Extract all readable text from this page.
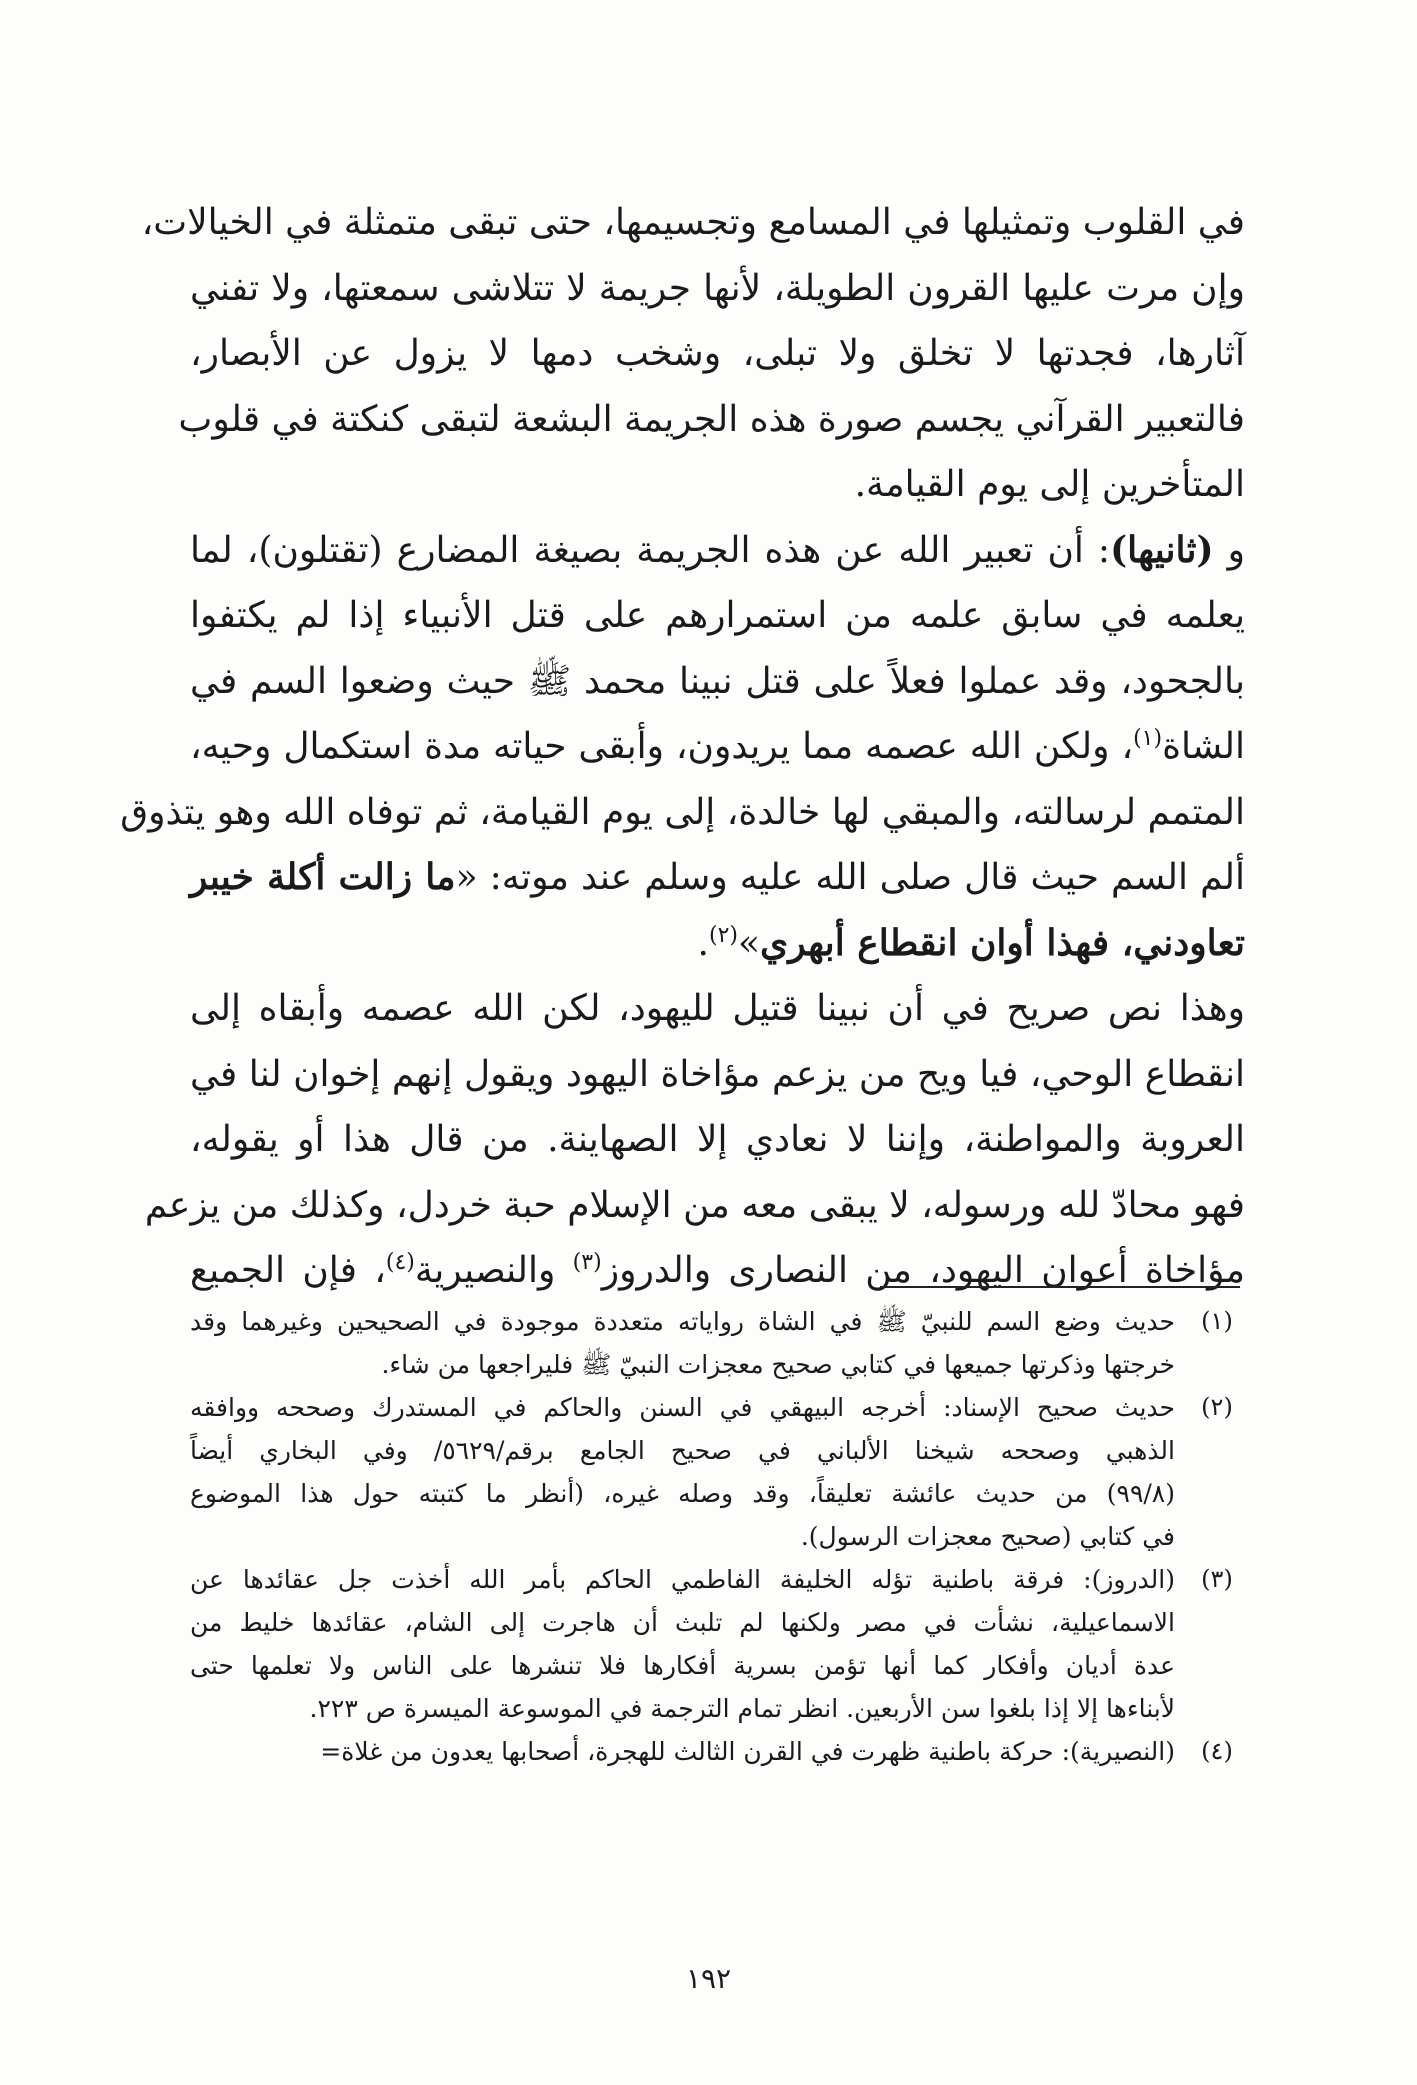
في القلوب وتمثيلها في المسامع وتجسيمها، حتى تبقى متمثلة في الخيالات،
وإن مرت عليها القرون الطويلة، لأنها جريمة لا تتلاشى سمعتها، ولا تفني
آثارها، فجدتها لا تخلق ولا تبلى، وشخب دمها لا يزول عن الأبصار،
فالتعبير القرآني يجسم صورة هذه الجريمة البشعة لتبقى كنكتة في قلوب
المتأخرين إلى يوم القيامة.
و (ثانيها): أن تعبير الله عن هذه الجريمة بصيغة المضارع (تقتلون)، لما
يعلمه في سابق علمه من استمرارهم على قتل الأنبياء إذا لم يكتفوا
بالجحود، وقد عملوا فعلاً على قتل نبينا محمد ﷺ حيث وضعوا السم في
الشاة$^{(١)}$، ولكن الله عصمه مما يريدون، وأبقى حياته مدة استكمال وحيه،
المتمم لرسالته، والمبقي لها خالدة، إلى يوم القيامة، ثم توفاه الله وهو يتذوق
ألم السم حيث قال صلى الله عليه وسلم عند موته: «ما زالت أكلة خيبر
تعاودني، فهذا أوان انقطاع أبهري»$^{(٢)}$.
وهذا نص صريح في أن نبينا قتيل لليهود، لكن الله عصمه وأبقاه إلى
انقطاع الوحي، فيا ويح من يزعم مؤاخاة اليهود ويقول إنهم إخوان لنا في
العروبة والمواطنة، وإننا لا نعادي إلا الصهاينة. من قال هذا أو يقوله،
فهو محادّ لله ورسوله، لا يبقى معه من الإسلام حبة خردل، وكذلك من يزعم
مؤاخاة أعوان اليهود، من النصارى والدروز$^{(٣)}$ والنصيرية$^{(٤)}$، فإن الجميع
(١)
حديث وضع السم للنبيّ ﷺ في الشاة رواياته متعددة موجودة في الصحيحين وغيرهما وقد
خرجتها وذكرتها جميعها في كتابي صحيح معجزات النبيّ ﷺ فليراجعها من شاء.
(٢)
حديث صحيح الإسناد: أخرجه البيهقي في السنن والحاكم في المستدرك وصححه ووافقه
الذهبي وصححه شيخنا الألباني في صحيح الجامع برقم/٥٦٢٩/ وفي البخاري أيضاً
(٩٩/٨) من حديث عائشة تعليقاً، وقد وصله غيره، (أنظر ما كتبته حول هذا الموضوع
في كتابي (صحيح معجزات الرسول).
(٣)
(الدروز): فرقة باطنية تؤله الخليفة الفاطمي الحاكم بأمر الله أخذت جل عقائدها عن
الاسماعيلية، نشأت في مصر ولكنها لم تلبث أن هاجرت إلى الشام، عقائدها خليط من
عدة أديان وأفكار كما أنها تؤمن بسرية أفكارها فلا تنشرها على الناس ولا تعلمها حتى
لأبناءها إلا إذا بلغوا سن الأربعين. انظر تمام الترجمة في الموسوعة الميسرة ص ٢٢٣.
(٤)
(النصيرية): حركة باطنية ظهرت في القرن الثالث للهجرة، أصحابها يعدون من غلاة=
١٩٢
